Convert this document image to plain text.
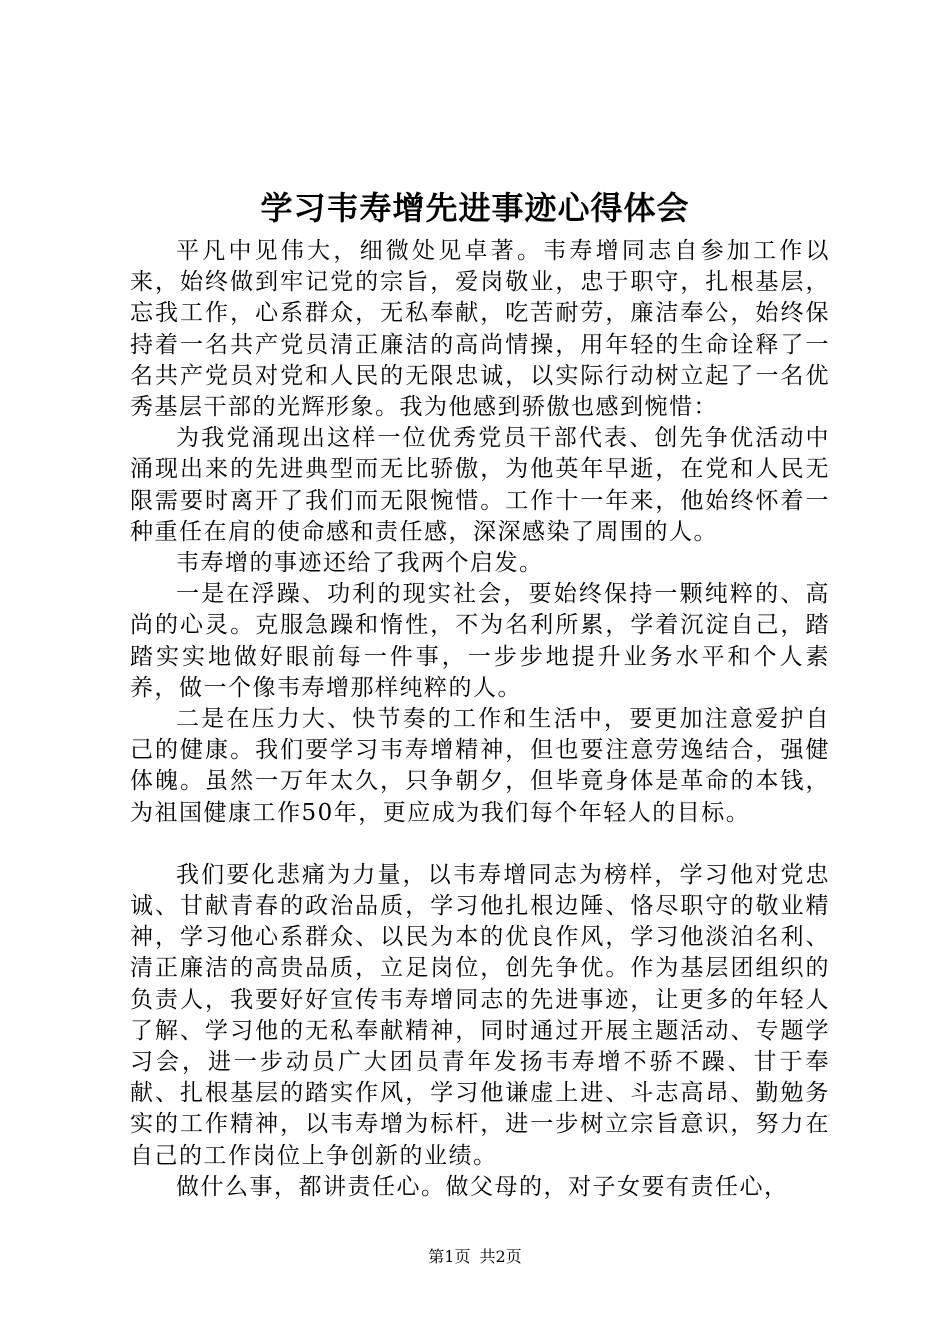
学习韦寿增先进事迹心得体会

平凡中见伟大，细微处见卓著。韦寿增同志自参加工作以来，始终做到牢记党的宗旨，爱岗敬业，忠于职守，扎根基层，忘我工作，心系群众，无私奉献，吃苦耐劳，廉洁奉公，始终保持着一名共产党员清正廉洁的高尚情操，用年轻的生命诠释了一名共产党员对党和人民的无限忠诚，以实际行动树立起了一名优秀基层干部的光辉形象。我为他感到骄傲也感到惋惜：

为我党涌现出这样一位优秀党员干部代表、创先争优活动中涌现出来的先进典型而无比骄傲，为他英年早逝，在党和人民无限需要时离开了我们而无限惋惜。工作十一年来，他始终怀着一种重任在肩的使命感和责任感，深深感染了周围的人。

韦寿增的事迹还给了我两个启发。

一是在浮躁、功利的现实社会，要始终保持一颗纯粹的、高尚的心灵。克服急躁和惰性，不为名利所累，学着沉淀自己，踏踏实实地做好眼前每一件事，一步步地提升业务水平和个人素养，做一个像韦寿增那样纯粹的人。

二是在压力大、快节奏的工作和生活中，要更加注意爱护自己的健康。我们要学习韦寿增精神，但也要注意劳逸结合，强健体魄。虽然一万年太久，只争朝夕，但毕竟身体是革命的本钱，为祖国健康工作50年，更应成为我们每个年轻人的目标。

我们要化悲痛为力量，以韦寿增同志为榜样，学习他对党忠诚、甘献青春的政治品质，学习他扎根边陲、恪尽职守的敬业精神，学习他心系群众、以民为本的优良作风，学习他淡泊名利、清正廉洁的高贵品质，立足岗位，创先争优。作为基层团组织的负责人，我要好好宣传韦寿增同志的先进事迹，让更多的年轻人了解、学习他的无私奉献精神，同时通过开展主题活动、专题学习会，进一步动员广大团员青年发扬韦寿增不骄不躁、甘于奉献、扎根基层的踏实作风，学习他谦虚上进、斗志高昂、勤勉务实的工作精神，以韦寿增为标杆，进一步树立宗旨意识，努力在自己的工作岗位上争创新的业绩。

做什么事，都讲责任心。做父母的，对子女要有责任心，

第1页 共2页
